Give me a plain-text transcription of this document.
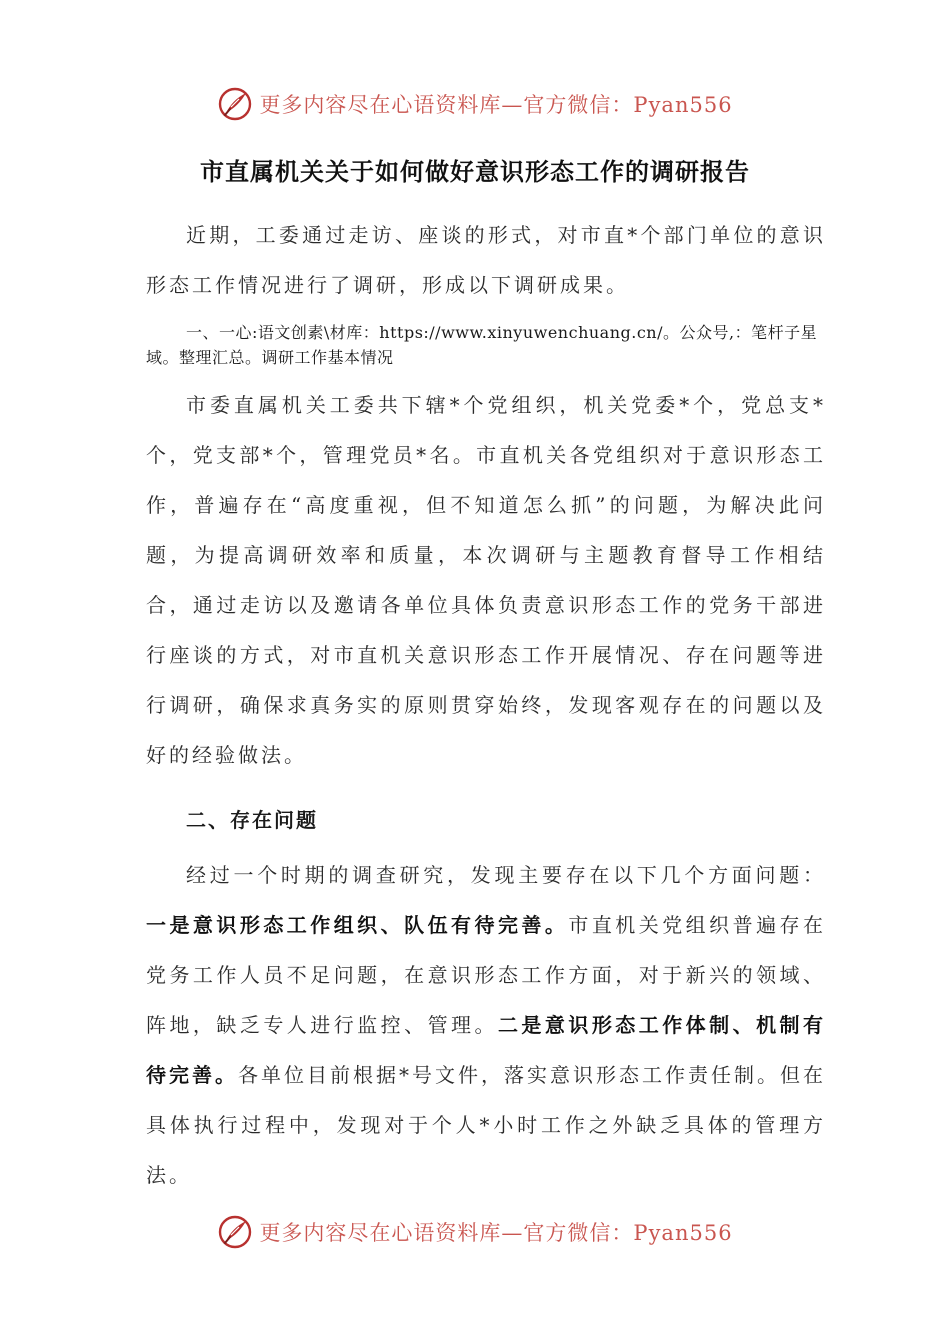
更多内容尽在心语资料库—官方微信：Pyan556
市直属机关关于如何做好意识形态工作的调研报告

近期，工委通过走访、座谈的形式，对市直*个部门单位的意识形态工作情况进行了调研，形成以下调研成果。

一、一心:语文创素\材库：https://www.xinyuwenchuang.cn/。公众号,：笔杆子星域。整理汇总。调研工作基本情况

市委直属机关工委共下辖*个党组织，机关党委*个，党总支*个，党支部*个，管理党员*名。市直机关各党组织对于意识形态工作，普遍存在“高度重视，但不知道怎么抓”的问题，为解决此问题，为提高调研效率和质量，本次调研与主题教育督导工作相结合，通过走访以及邀请各单位具体负责意识形态工作的党务干部进行座谈的方式，对市直机关意识形态工作开展情况、存在问题等进行调研，确保求真务实的原则贯穿始终，发现客观存在的问题以及好的经验做法。

二、存在问题

经过一个时期的调查研究，发现主要存在以下几个方面问题：一是意识形态工作组织、队伍有待完善。市直机关党组织普遍存在党务工作人员不足问题，在意识形态工作方面，对于新兴的领域、阵地，缺乏专人进行监控、管理。二是意识形态工作体制、机制有待完善。各单位目前根据*号文件，落实意识形态工作责任制。但在具体执行过程中，发现对于个人*小时工作之外缺乏具体的管理方法。

更多内容尽在心语资料库—官方微信：Pyan556
